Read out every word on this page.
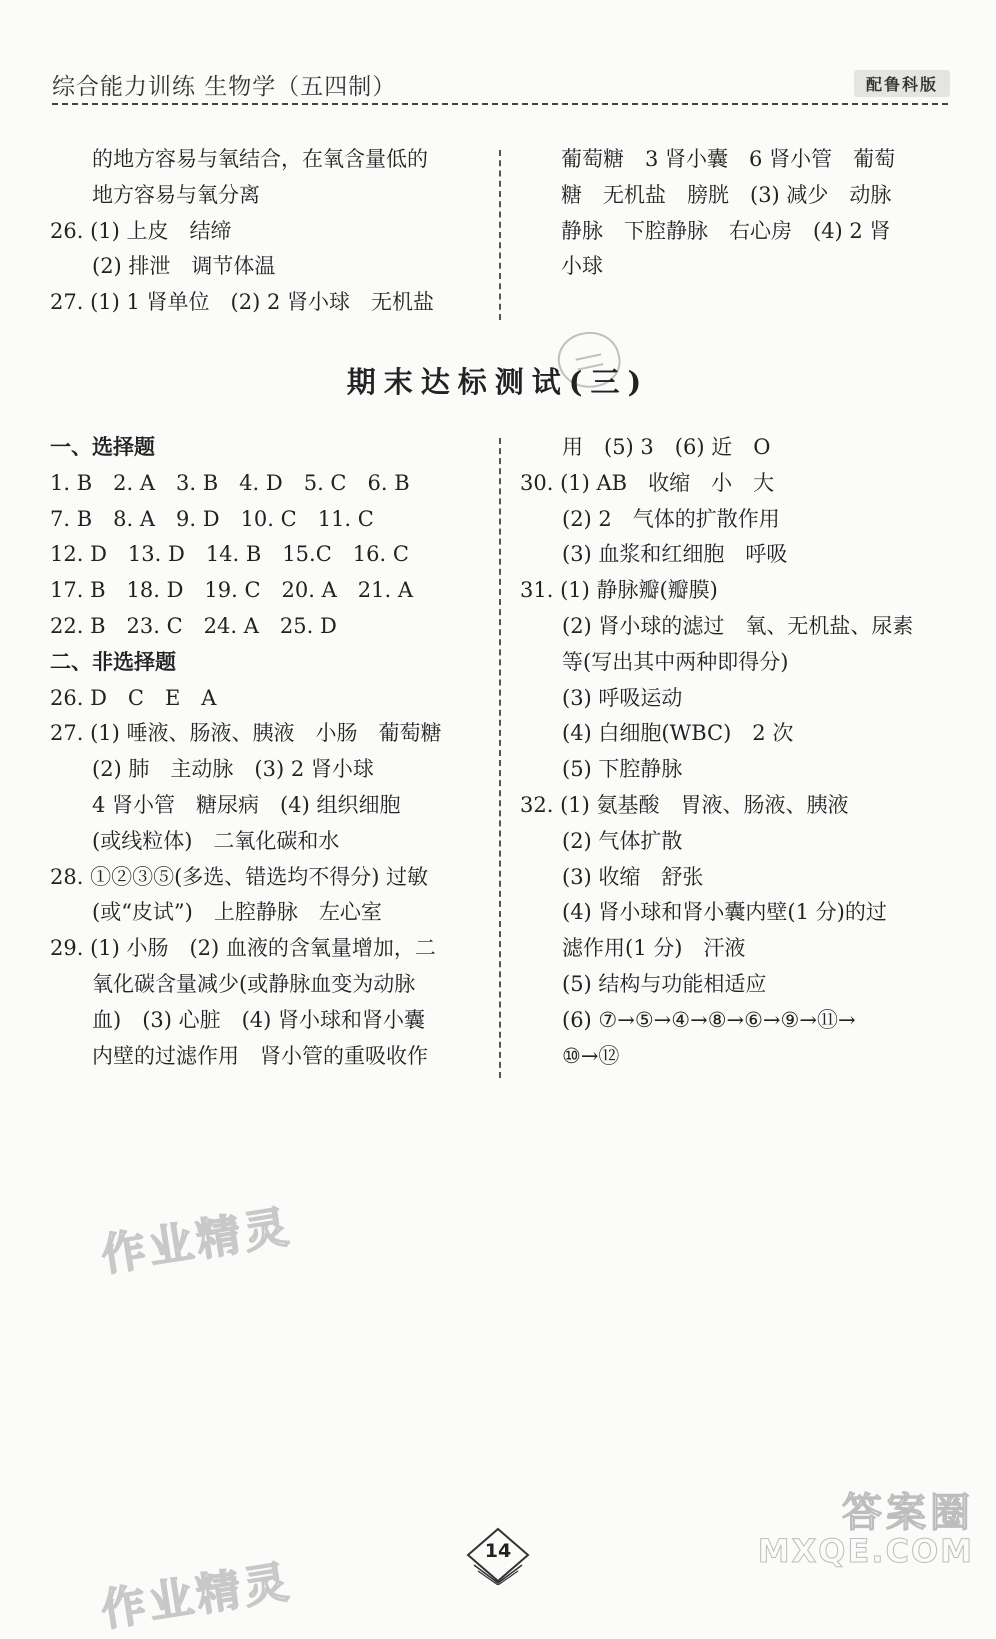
综合能力训练 生物学（五四制）	配鲁科版
的地方容易与氧结合，在氧含量低的
地方容易与氧分离
26. (1) 上皮　结缔
(2) 排泄　调节体温
27. (1) 1 肾单位　(2) 2 肾小球　无机盐
葡萄糖　3 肾小囊　6 肾小管　葡萄
糖　无机盐　膀胱　(3) 减少　动脉
静脉　下腔静脉　右心房　(4) 2 肾
小球
期末达标测试(三)
一、选择题
1. B　2. A　3. B　4. D　5. C　6. B
7. B　8. A　9. D　10. C　11. C
12. D　13. D　14. B　15.C　16. C
17. B　18. D　19. C　20. A　21. A
22. B　23. C　24. A　25. D
二、非选择题
26. D　C　E　A
27. (1) 唾液、肠液、胰液　小肠　葡萄糖
(2) 肺　主动脉　(3) 2 肾小球
4 肾小管　糖尿病　(4) 组织细胞
(或线粒体)　二氧化碳和水
28. ①②③⑤(多选、错选均不得分) 过敏
(或“皮试”)　上腔静脉　左心室
29. (1) 小肠　(2) 血液的含氧量增加，二
氧化碳含量减少(或静脉血变为动脉
血)　(3) 心脏　(4) 肾小球和肾小囊
内壁的过滤作用　肾小管的重吸收作
用　(5) 3　(6) 近　O
30. (1) AB　收缩　小　大
(2) 2　气体的扩散作用
(3) 血浆和红细胞　呼吸
31. (1) 静脉瓣(瓣膜)
(2) 肾小球的滤过　氧、无机盐、尿素
等(写出其中两种即得分)
(3) 呼吸运动
(4) 白细胞(WBC)　2 次
(5) 下腔静脉
32. (1) 氨基酸　胃液、肠液、胰液
(2) 气体扩散
(3) 收缩　舒张
(4) 肾小球和肾小囊内壁(1 分)的过
滤作用(1 分)　汗液
(5) 结构与功能相适应
(6) ⑦→⑤→④→⑧→⑥→⑨→⑪→
⑩→⑫
作业精灵
作业精灵
答案圈
MXQE.COM
14
